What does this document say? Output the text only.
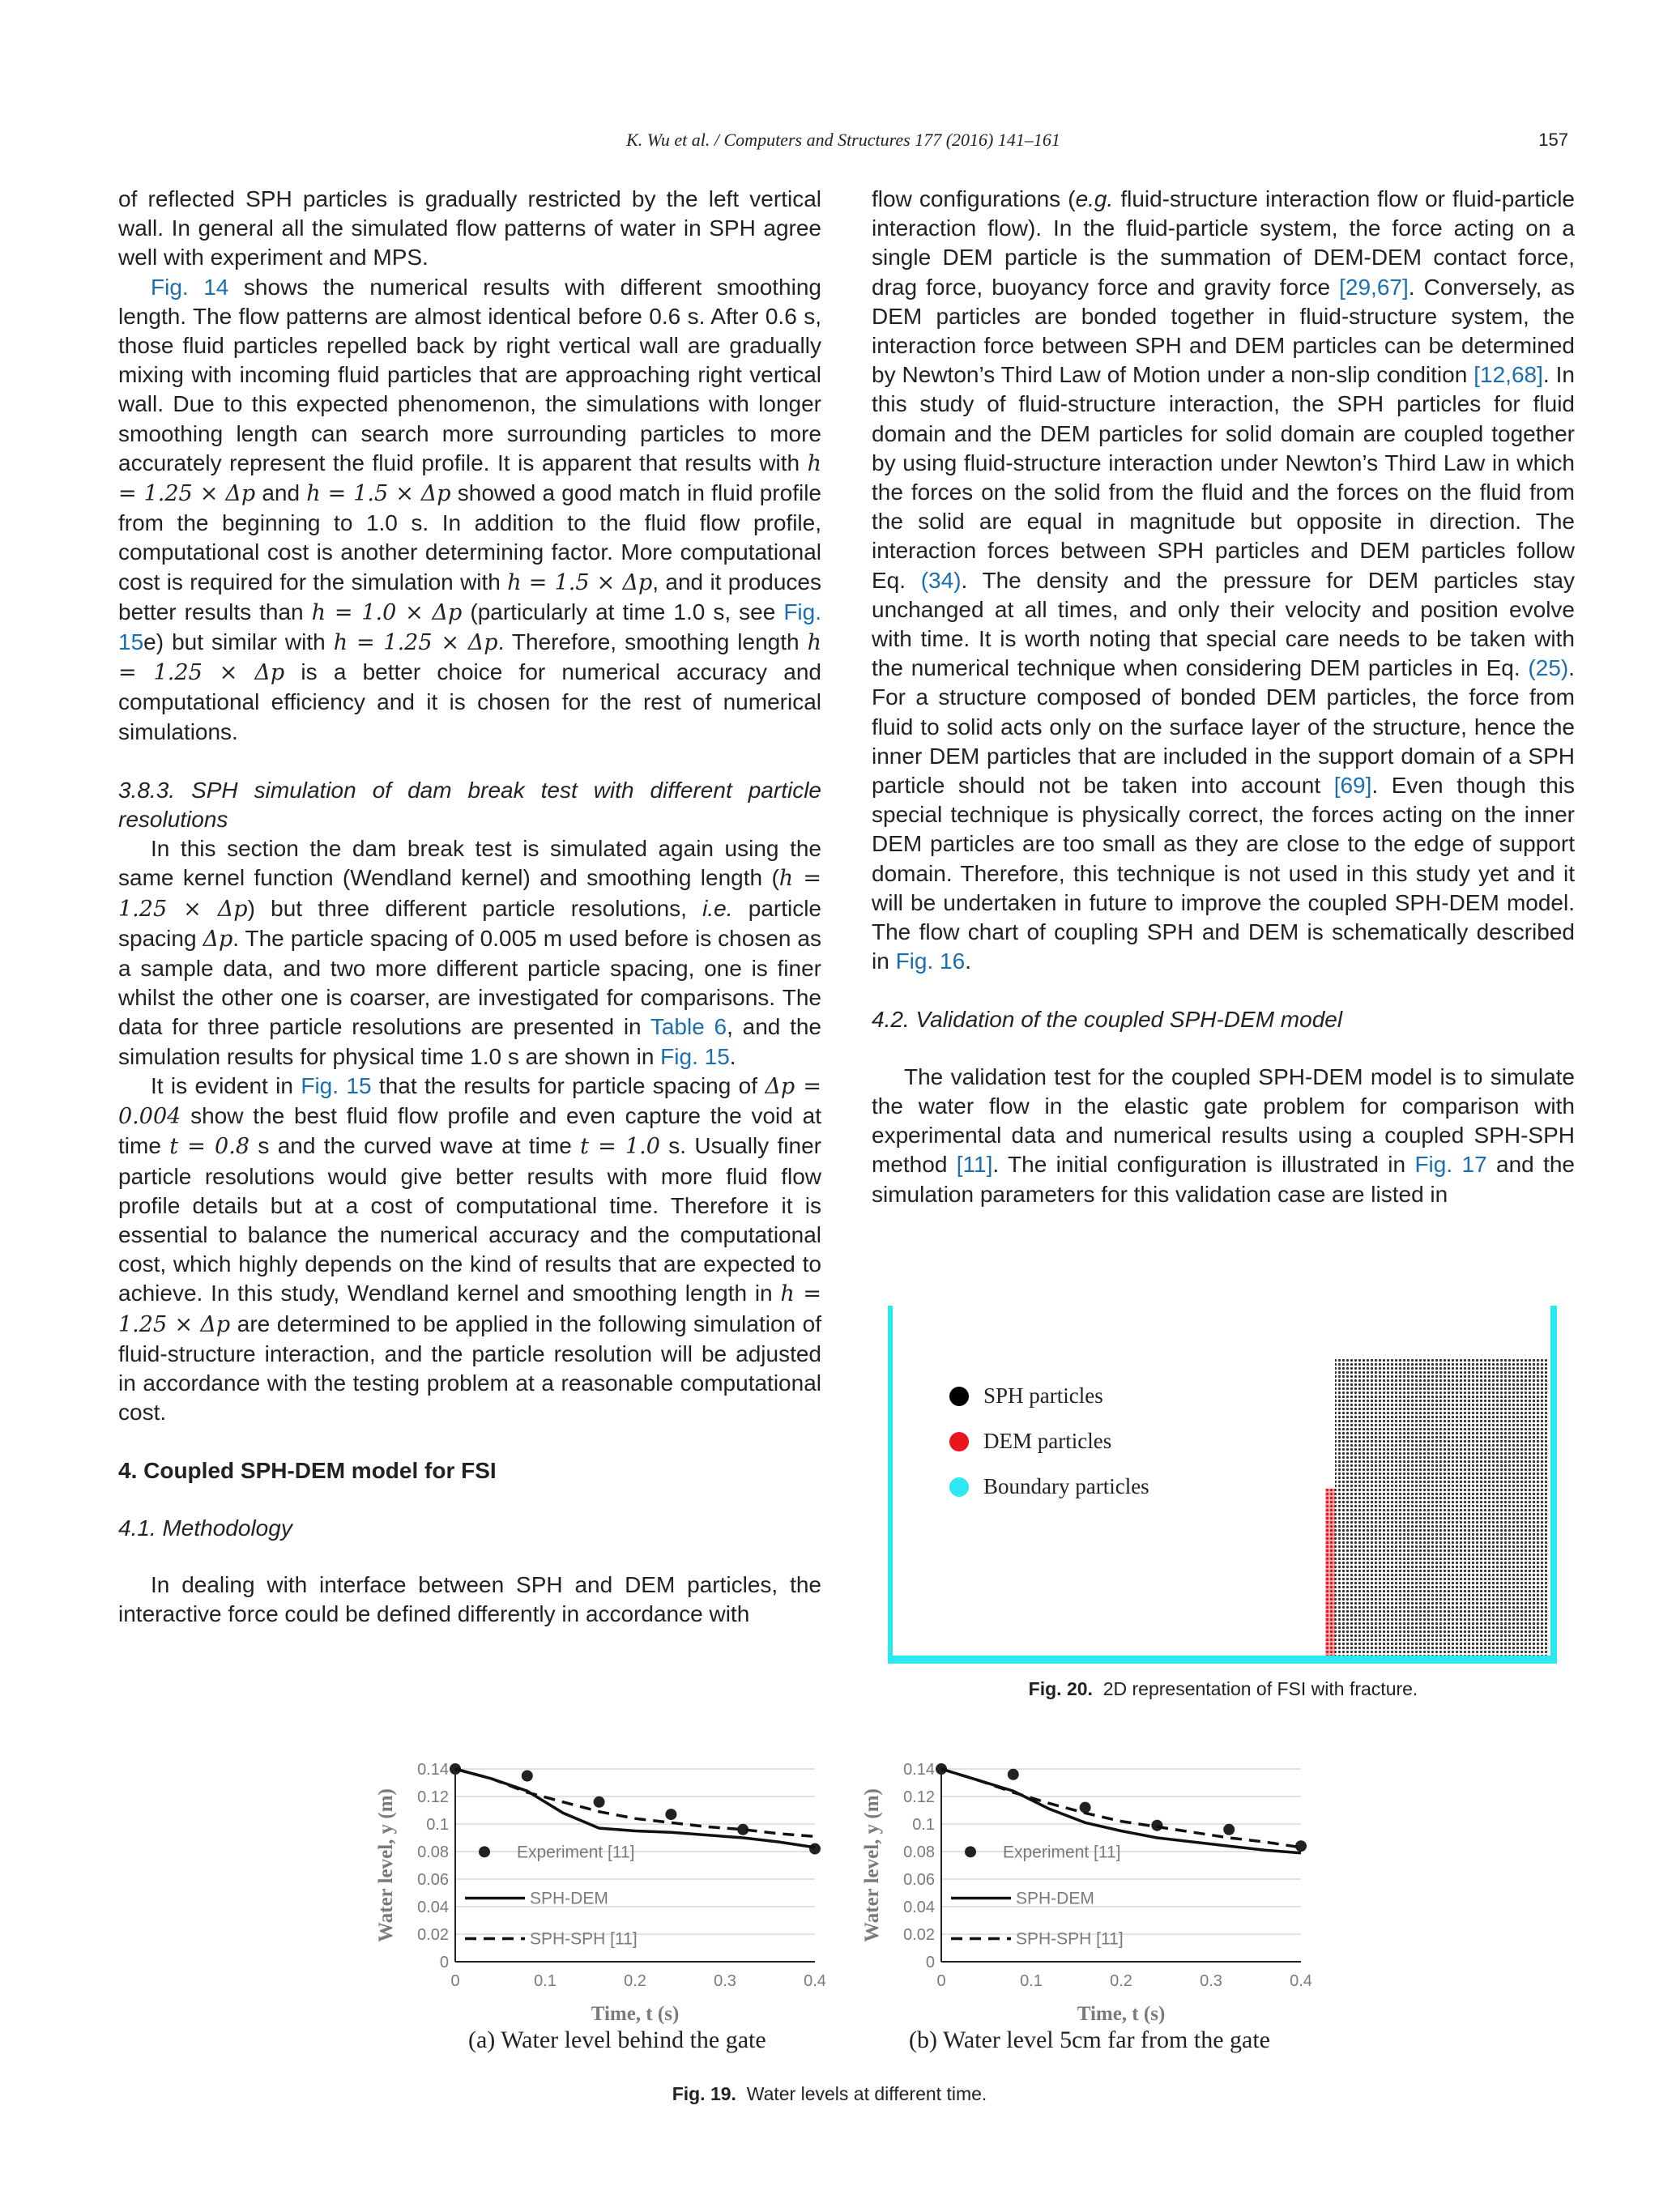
K. Wu et al. / Computers and Structures 177 (2016) 141–161	157

of reflected SPH particles is gradually restricted by the left vertical wall. In general all the simulated flow patterns of water in SPH agree well with experiment and MPS.

Fig. 14 shows the numerical results with different smoothing length. The flow patterns are almost identical before 0.6 s. After 0.6 s, those fluid particles repelled back by right vertical wall are gradually mixing with incoming fluid particles that are approaching right vertical wall. Due to this expected phenomenon, the simulations with longer smoothing length can search more surrounding particles to more accurately represent the fluid profile. It is apparent that results with h = 1.25 × Δp and h = 1.5 × Δp showed a good match in fluid profile from the beginning to 1.0 s. In addition to the fluid flow profile, computational cost is another determining factor. More computational cost is required for the simulation with h = 1.5 × Δp, and it produces better results than h = 1.0 × Δp (particularly at time 1.0 s, see Fig. 15e) but similar with h = 1.25 × Δp. Therefore, smoothing length h = 1.25 × Δp is a better choice for numerical accuracy and computational efficiency and it is chosen for the rest of numerical simulations.

3.8.3. SPH simulation of dam break test with different particle resolutions

In this section the dam break test is simulated again using the same kernel function (Wendland kernel) and smoothing length (h = 1.25 × Δp) but three different particle resolutions, i.e. particle spacing Δp. The particle spacing of 0.005 m used before is chosen as a sample data, and two more different particle spacing, one is finer whilst the other one is coarser, are investigated for comparisons. The data for three particle resolutions are presented in Table 6, and the simulation results for physical time 1.0 s are shown in Fig. 15.

It is evident in Fig. 15 that the results for particle spacing of Δp = 0.004 show the best fluid flow profile and even capture the void at time t = 0.8 s and the curved wave at time t = 1.0 s. Usually finer particle resolutions would give better results with more fluid flow profile details but at a cost of computational time. Therefore it is essential to balance the numerical accuracy and the computational cost, which highly depends on the kind of results that are expected to achieve. In this study, Wendland kernel and smoothing length in h = 1.25 × Δp are determined to be applied in the following simulation of fluid-structure interaction, and the particle resolution will be adjusted in accordance with the testing problem at a reasonable computational cost.

4. Coupled SPH-DEM model for FSI

4.1. Methodology

In dealing with interface between SPH and DEM particles, the interactive force could be defined differently in accordance with

flow configurations (e.g. fluid-structure interaction flow or fluid-particle interaction flow). In the fluid-particle system, the force acting on a single DEM particle is the summation of DEM-DEM contact force, drag force, buoyancy force and gravity force [29,67]. Conversely, as DEM particles are bonded together in fluid-structure system, the interaction force between SPH and DEM particles can be determined by Newton’s Third Law of Motion under a non-slip condition [12,68]. In this study of fluid-structure interaction, the SPH particles for fluid domain and the DEM particles for solid domain are coupled together by using fluid-structure interaction under Newton’s Third Law in which the forces on the solid from the fluid and the forces on the fluid from the solid are equal in magnitude but opposite in direction. The interaction forces between SPH particles and DEM particles follow Eq. (34). The density and the pressure for DEM particles stay unchanged at all times, and only their velocity and position evolve with time. It is worth noting that special care needs to be taken with the numerical technique when considering DEM particles in Eq. (25). For a structure composed of bonded DEM particles, the force from fluid to solid acts only on the surface layer of the structure, hence the inner DEM particles that are included in the support domain of a SPH particle should not be taken into account [69]. Even though this special technique is physically correct, the forces acting on the inner DEM particles are too small as they are close to the edge of support domain. Therefore, this technique is not used in this study yet and it will be undertaken in future to improve the coupled SPH-DEM model. The flow chart of coupling SPH and DEM is schematically described in Fig. 16.

4.2. Validation of the coupled SPH-DEM model

The validation test for the coupled SPH-DEM model is to simulate the water flow in the elastic gate problem for comparison with experimental data and numerical results using a coupled SPH-SPH method [11]. The initial configuration is illustrated in Fig. 17 and the simulation parameters for this validation case are listed in

SPH particles
DEM particles
Boundary particles
Fig. 20. 2D representation of FSI with fracture.
0
0.02
0.04
0.06
0.08
0.1
0.12
0.14
0	0.1	0.2	0.3	0.4
Time, t (s)
Water level, y (m)	Experiment [11]
SPH-DEM
SPH-SPH [11]
0
0.02
0.04
0.06
0.08
0.1
0.12
0.14
0	0.1	0.2	0.3	0.4
Time, t (s)
Water level, y (m)	Experiment [11]
SPH-DEM
SPH-SPH [11]
(a) Water level behind the gate	(b) Water level 5cm far from the gate
Fig. 19. Water levels at different time.
